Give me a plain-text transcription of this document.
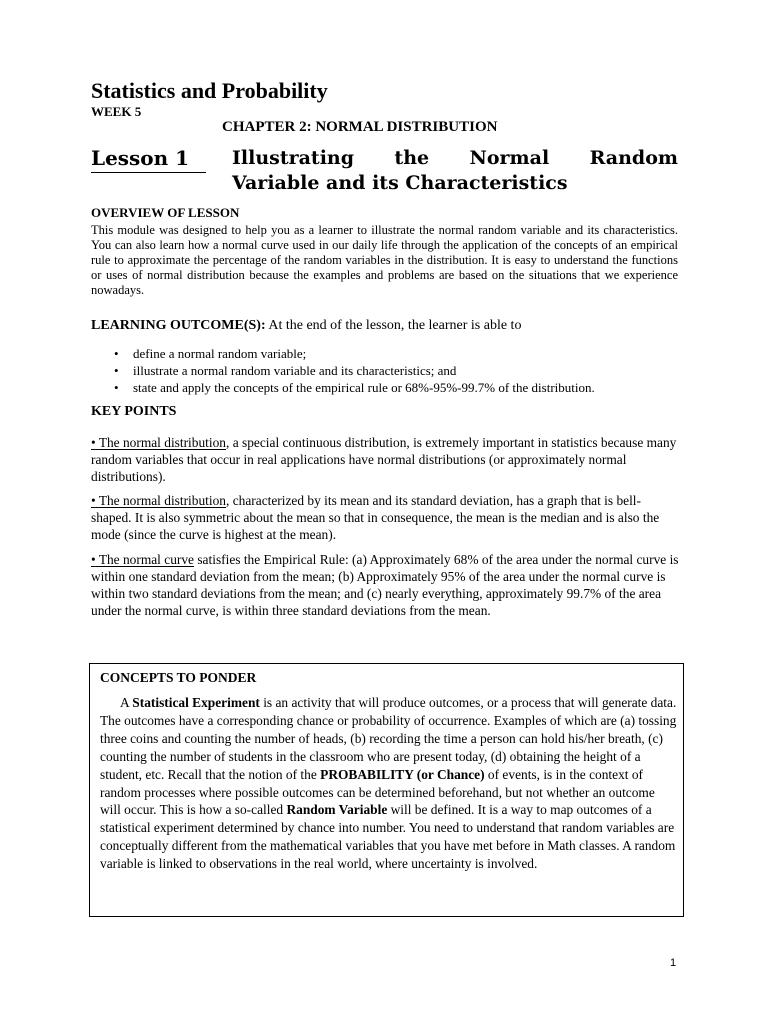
Statistics and Probability
WEEK 5
CHAPTER 2: NORMAL DISTRIBUTION
Lesson 1	Illustrating the Normal Random
Variable and its Characteristics
OVERVIEW OF LESSON
This module was designed to help you as a learner to illustrate the normal random variable and its characteristics. You can also learn how a normal curve used in our daily life through the application of the concepts of an empirical rule to approximate the percentage of the random variables in the distribution. It is easy to understand the functions or uses of normal distribution because the examples and problems are based on the situations that we experience nowadays.
LEARNING OUTCOME(S): At the end of the lesson, the learner is able to
• define a normal random variable;
• illustrate a normal random variable and its characteristics; and
• state and apply the concepts of the empirical rule or 68%-95%-99.7% of the distribution.
KEY POINTS
• The normal distribution, a special continuous distribution, is extremely important in statistics because many random variables that occur in real applications have normal distributions (or approximately normal distributions).
• The normal distribution, characterized by its mean and its standard deviation, has a graph that is bell-shaped. It is also symmetric about the mean so that in consequence, the mean is the median and is also the mode (since the curve is highest at the mean).
• The normal curve satisfies the Empirical Rule: (a) Approximately 68% of the area under the normal curve is within one standard deviation from the mean; (b) Approximately 95% of the area under the normal curve is within two standard deviations from the mean; and (c) nearly everything, approximately 99.7% of the area under the normal curve, is within three standard deviations from the mean.
CONCEPTS TO PONDER

A Statistical Experiment is an activity that will produce outcomes, or a process that will generate data. The outcomes have a corresponding chance or probability of occurrence. Examples of which are (a) tossing three coins and counting the number of heads, (b) recording the time a person can hold his/her breath, (c) counting the number of students in the classroom who are present today, (d) obtaining the height of a student, etc. Recall that the notion of the PROBABILITY (or Chance) of events, is in the context of random processes where possible outcomes can be determined beforehand, but not whether an outcome will occur. This is how a so-called Random Variable will be defined. It is a way to map outcomes of a statistical experiment determined by chance into number. You need to understand that random variables are conceptually different from the mathematical variables that you have met before in Math classes. A random variable is linked to observations in the real world, where uncertainty is involved.

1
